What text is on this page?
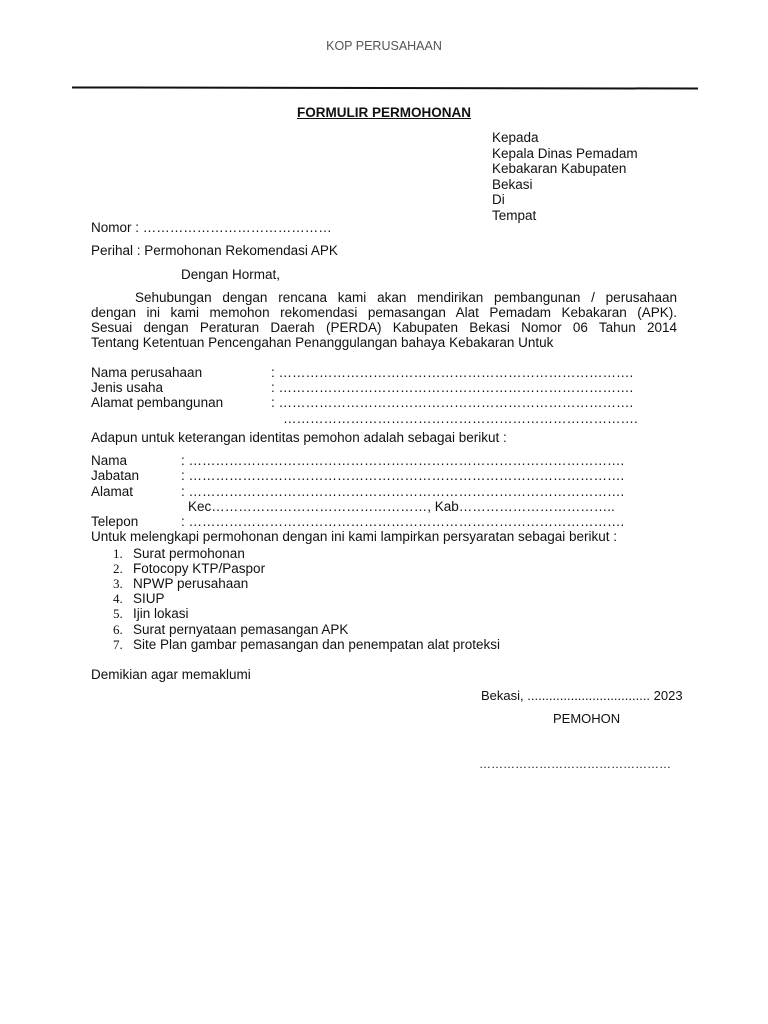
KOP PERUSAHAAN
FORMULIR PERMOHONAN
Kepada
Kepala Dinas Pemadam
Kebakaran Kabupaten
Bekasi
Di
Tempat
Nomor : ……………………………………
Perihal : Permohonan Rekomendasi APK
Dengan Hormat,
Sehubungan dengan rencana kami akan mendirikan pembangunan / perusahaan
dengan ini kami memohon rekomendasi pemasangan Alat Pemadam Kebakaran (APK).
Sesuai dengan Peraturan Daerah (PERDA) Kabupaten Bekasi Nomor 06 Tahun 2014
Tentang Ketentuan Pencengahan Penanggulangan bahaya Kebakaran Untuk
Nama perusahaan	: …………………………………………………………………….
Jenis usaha	: …………………………………………………………………….
Alamat pembangunan	: …………………………………………………………………….
…………………………………………………………………….
Adapun untuk keterangan identitas pemohon adalah sebagai berikut :
Nama	: …………………………………………………………………………………….
Jabatan	: …………………………………………………………………………………….
Alamat	: …………………………………………………………………………………….
Kec…………………………………………, Kab……………………………..
Telepon	: …………………………………………………………………………………….
Untuk melengkapi permohonan dengan ini kami lampirkan persyaratan sebagai berikut :
1. Surat permohonan
2. Fotocopy KTP/Paspor
3. NPWP perusahaan
4. SIUP
5. Ijin lokasi
6. Surat pernyataan pemasangan APK
7. Site Plan gambar pemasangan dan penempatan alat proteksi
Demikian agar memaklumi
Bekasi, .................................. 2023
PEMOHON
…………………………………………
